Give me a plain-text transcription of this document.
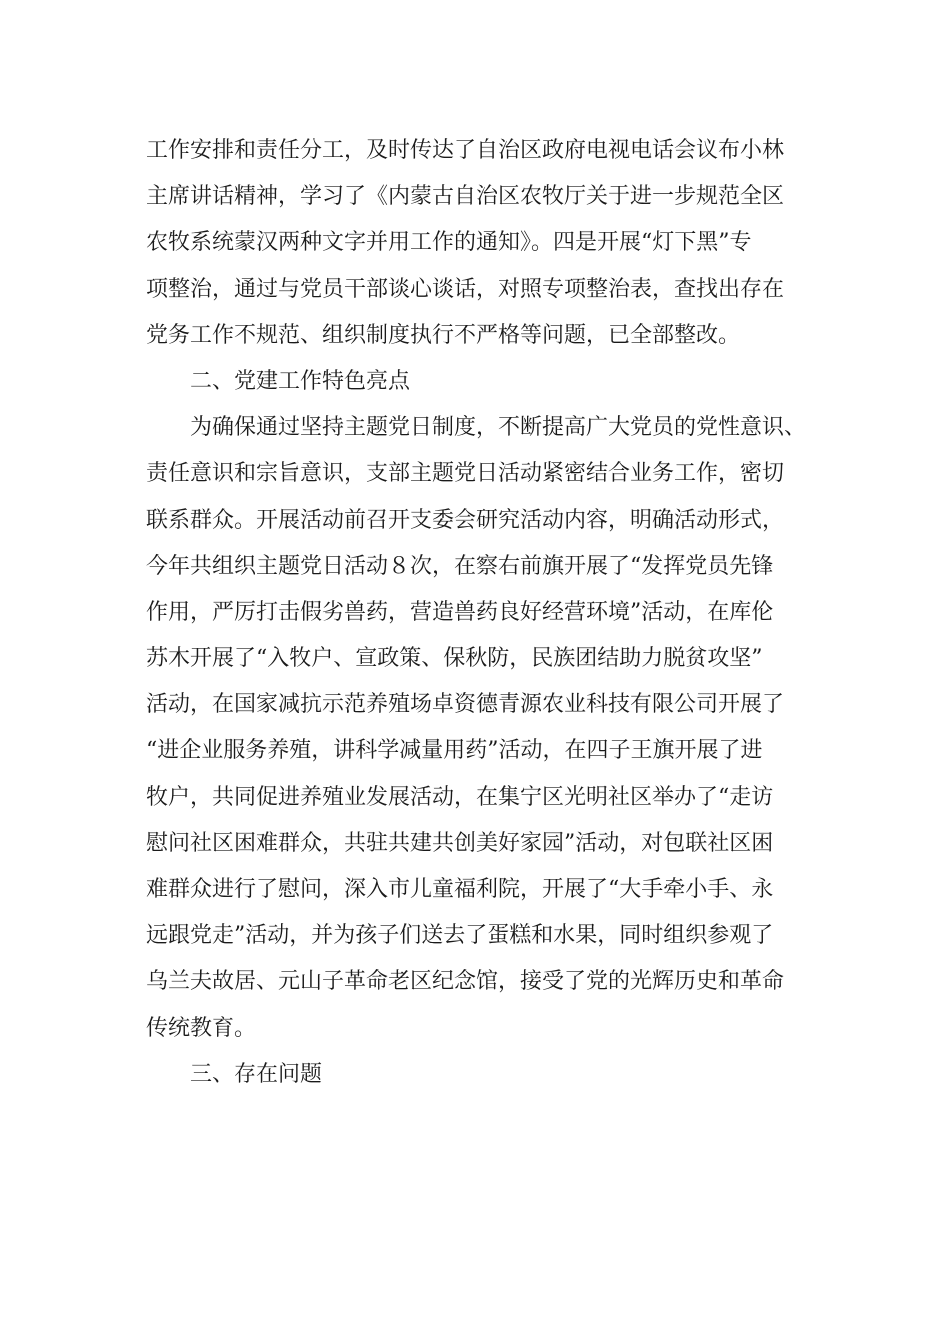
工作安排和责任分工，及时传达了自治区政府电视电话会议布小林
主席讲话精神，学习了《内蒙古自治区农牧厅关于进一步规范全区
农牧系统蒙汉两种文字并用工作的通知》。四是开展“灯下黑”专
项整治，通过与党员干部谈心谈话，对照专项整治表，查找出存在
党务工作不规范、组织制度执行不严格等问题，已全部整改。
二、党建工作特色亮点
为确保通过坚持主题党日制度，不断提高广大党员的党性意识、
责任意识和宗旨意识，支部主题党日活动紧密结合业务工作，密切
联系群众。开展活动前召开支委会研究活动内容，明确活动形式，
今年共组织主题党日活动８次，在察右前旗开展了“发挥党员先锋
作用，严厉打击假劣兽药，营造兽药良好经营环境”活动，在库伦
苏木开展了“入牧户、宣政策、保秋防，民族团结助力脱贫攻坚”
活动，在国家减抗示范养殖场卓资德青源农业科技有限公司开展了
“进企业服务养殖，讲科学减量用药”活动，在四子王旗开展了进
牧户，共同促进养殖业发展活动，在集宁区光明社区举办了“走访
慰问社区困难群众，共驻共建共创美好家园”活动，对包联社区困
难群众进行了慰问，深入市儿童福利院，开展了“大手牵小手、永
远跟党走”活动，并为孩子们送去了蛋糕和水果，同时组织参观了
乌兰夫故居、元山子革命老区纪念馆，接受了党的光辉历史和革命
传统教育。
三、存在问题
